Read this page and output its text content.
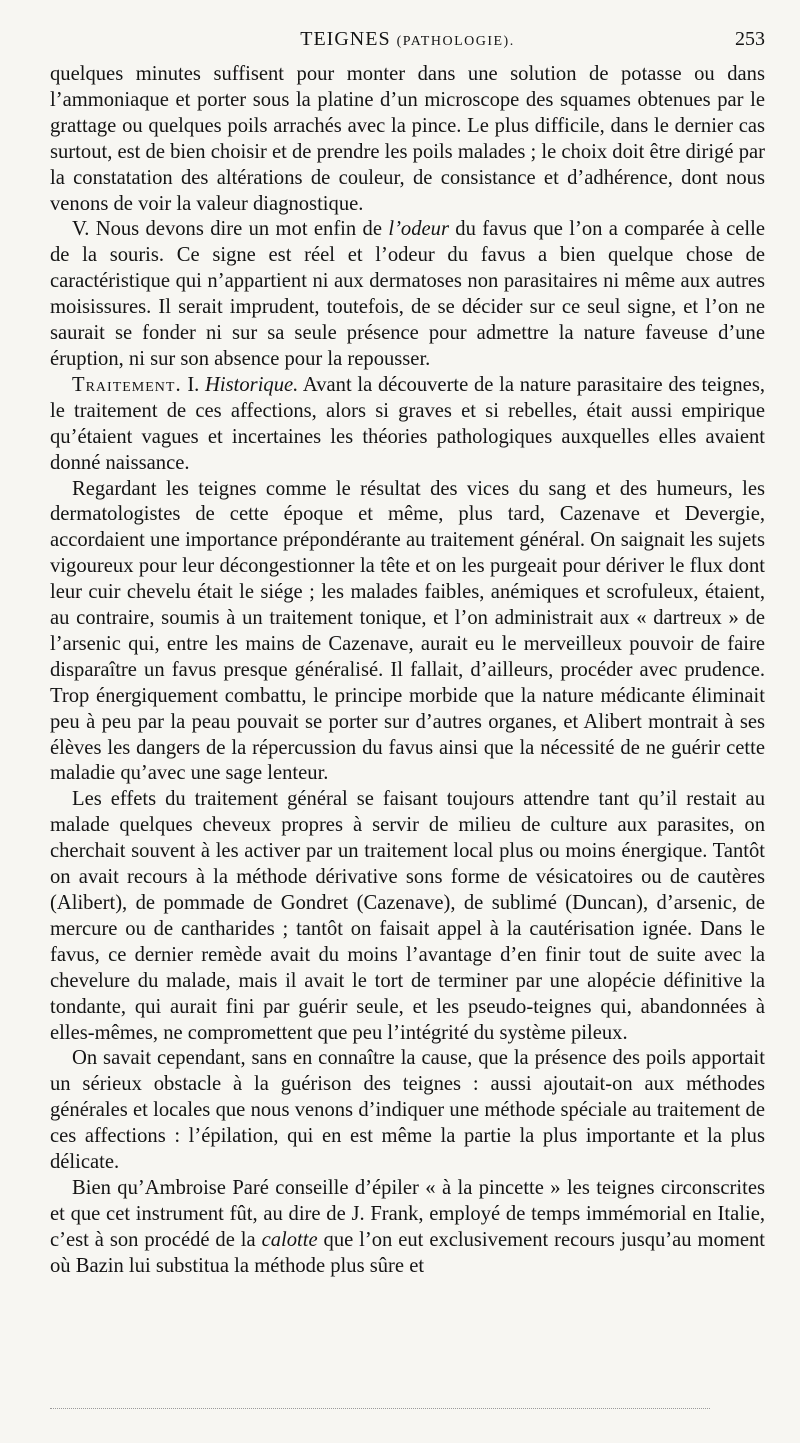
TEIGNES (PATHOLOGIE).	253

quelques minutes suffisent pour monter dans une solution de potasse ou dans l’ammoniaque et porter sous la platine d’un microscope des squames obtenues par le grattage ou quelques poils arrachés avec la pince. Le plus difficile, dans le dernier cas surtout, est de bien choisir et de prendre les poils malades ; le choix doit être dirigé par la constatation des altérations de couleur, de consistance et d’adhérence, dont nous venons de voir la valeur diagnostique.

V. Nous devons dire un mot enfin de l’odeur du favus que l’on a comparée à celle de la souris. Ce signe est réel et l’odeur du favus a bien quelque chose de caractéristique qui n’appartient ni aux dermatoses non parasitaires ni même aux autres moisissures. Il serait imprudent, toutefois, de se décider sur ce seul signe, et l’on ne saurait se fonder ni sur sa seule présence pour admettre la nature faveuse d’une éruption, ni sur son absence pour la repousser.

Traitement. I. Historique. Avant la découverte de la nature parasitaire des teignes, le traitement de ces affections, alors si graves et si rebelles, était aussi empirique qu’étaient vagues et incertaines les théories pathologiques auxquelles elles avaient donné naissance.

Regardant les teignes comme le résultat des vices du sang et des humeurs, les dermatologistes de cette époque et même, plus tard, Cazenave et Devergie, accordaient une importance prépondérante au traitement général. On saignait les sujets vigoureux pour leur décongestionner la tête et on les purgeait pour dériver le flux dont leur cuir chevelu était le siége ; les malades faibles, anémiques et scrofuleux, étaient, au contraire, soumis à un traitement tonique, et l’on administrait aux « dartreux » de l’arsenic qui, entre les mains de Cazenave, aurait eu le merveilleux pouvoir de faire disparaître un favus presque généralisé. Il fallait, d’ailleurs, procéder avec prudence. Trop énergiquement combattu, le principe morbide que la nature médicante éliminait peu à peu par la peau pouvait se porter sur d’autres organes, et Alibert montrait à ses élèves les dangers de la répercussion du favus ainsi que la nécessité de ne guérir cette maladie qu’avec une sage lenteur.

Les effets du traitement général se faisant toujours attendre tant qu’il restait au malade quelques cheveux propres à servir de milieu de culture aux parasites, on cherchait souvent à les activer par un traitement local plus ou moins énergique. Tantôt on avait recours à la méthode dérivative sons forme de vésicatoires ou de cautères (Alibert), de pommade de Gondret (Cazenave), de sublimé (Duncan), d’arsenic, de mercure ou de cantharides ; tantôt on faisait appel à la cautérisation ignée. Dans le favus, ce dernier remède avait du moins l’avantage d’en finir tout de suite avec la chevelure du malade, mais il avait le tort de terminer par une alopécie définitive la tondante, qui aurait fini par guérir seule, et les pseudo-teignes qui, abandonnées à elles-mêmes, ne compromettent que peu l’intégrité du système pileux.

On savait cependant, sans en connaître la cause, que la présence des poils apportait un sérieux obstacle à la guérison des teignes : aussi ajoutait-on aux méthodes générales et locales que nous venons d’indiquer une méthode spéciale au traitement de ces affections : l’épilation, qui en est même la partie la plus importante et la plus délicate.

Bien qu’Ambroise Paré conseille d’épiler « à la pincette » les teignes circonscrites et que cet instrument fût, au dire de J. Frank, employé de temps immémorial en Italie, c’est à son procédé de la calotte que l’on eut exclusivement recours jusqu’au moment où Bazin lui substitua la méthode plus sûre et
